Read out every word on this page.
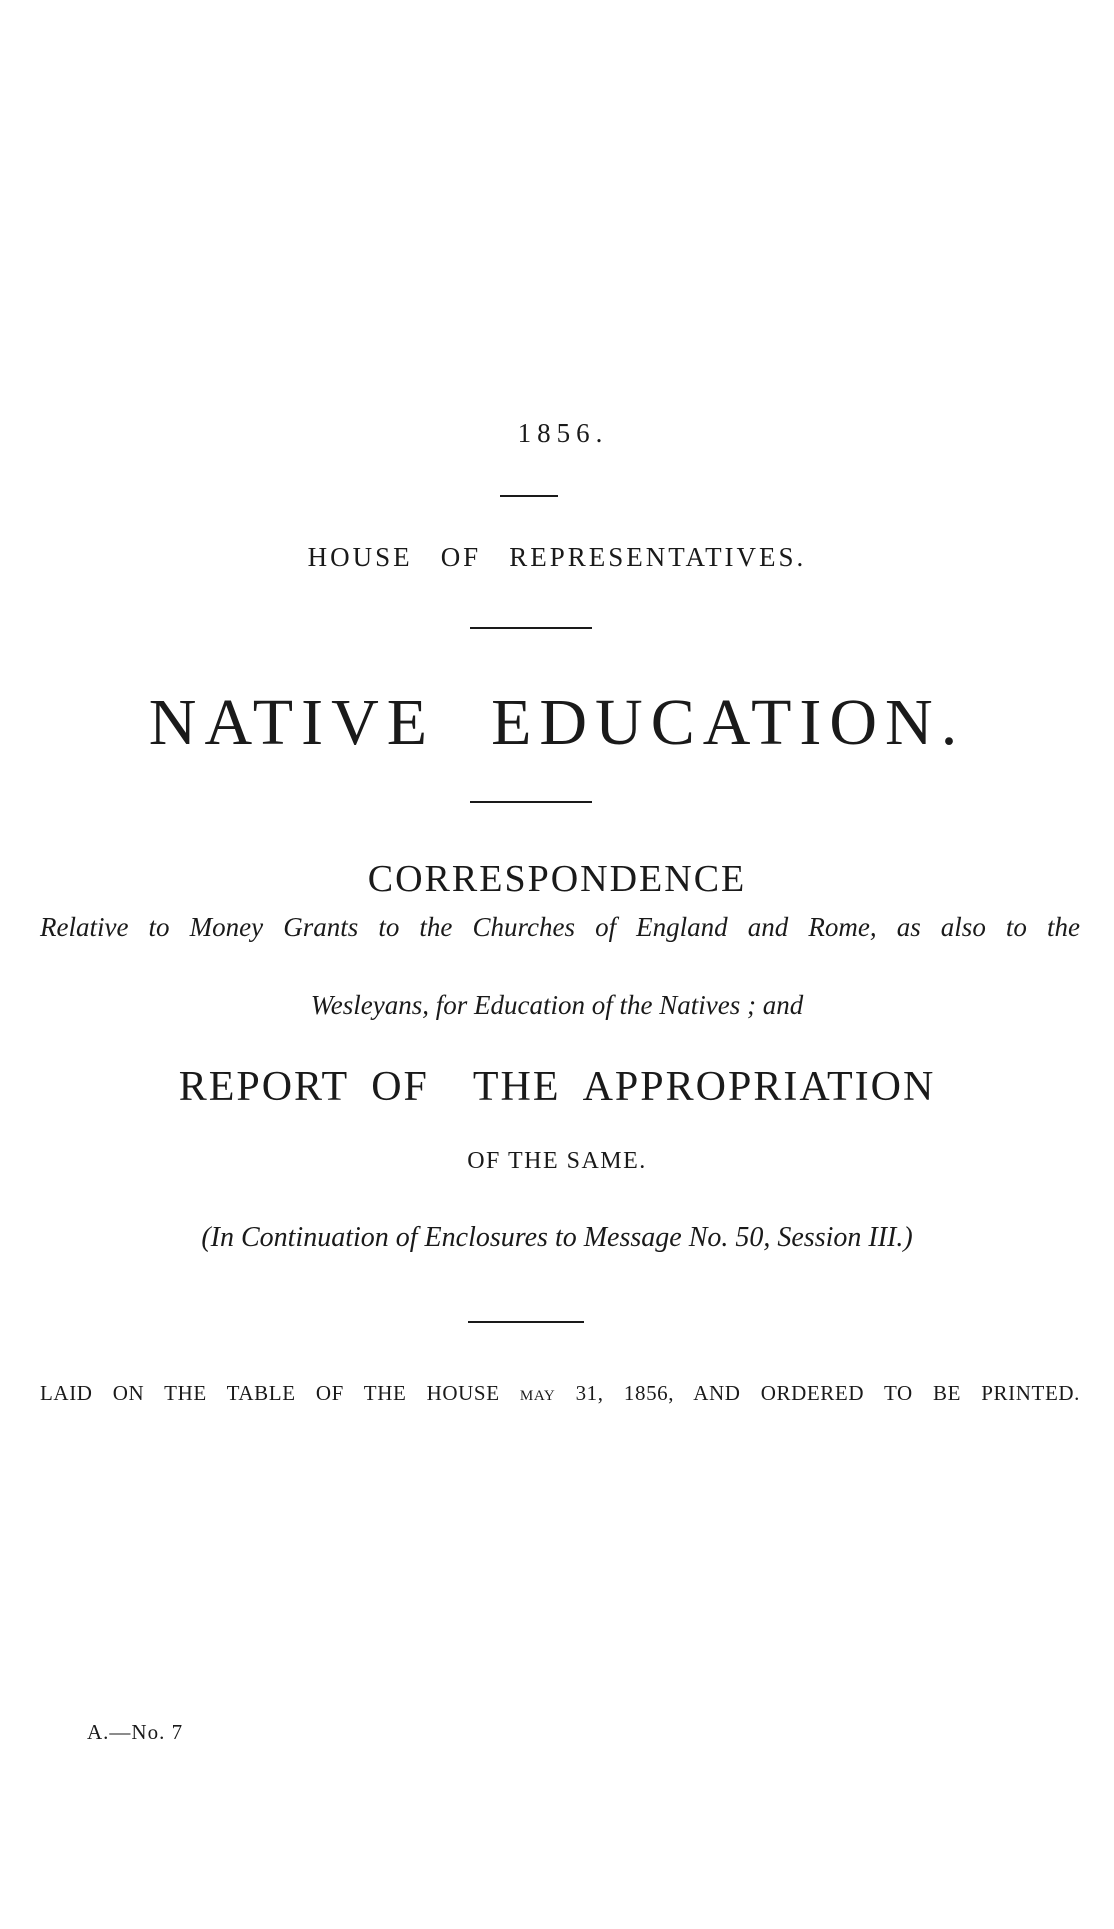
1856.
HOUSE OF REPRESENTATIVES.
NATIVE EDUCATION.
CORRESPONDENCE
Relative to Money Grants to the Churches of England and Rome, as also to the
Wesleyans, for Education of the Natives ; and
REPORT OF THE APPROPRIATION
OF THE SAME.
(In Continuation of Enclosures to Message No. 50, Session III.)
LAID ON THE TABLE OF THE HOUSE MAY 31, 1856, AND ORDERED TO BE PRINTED.
A.—No. 7
